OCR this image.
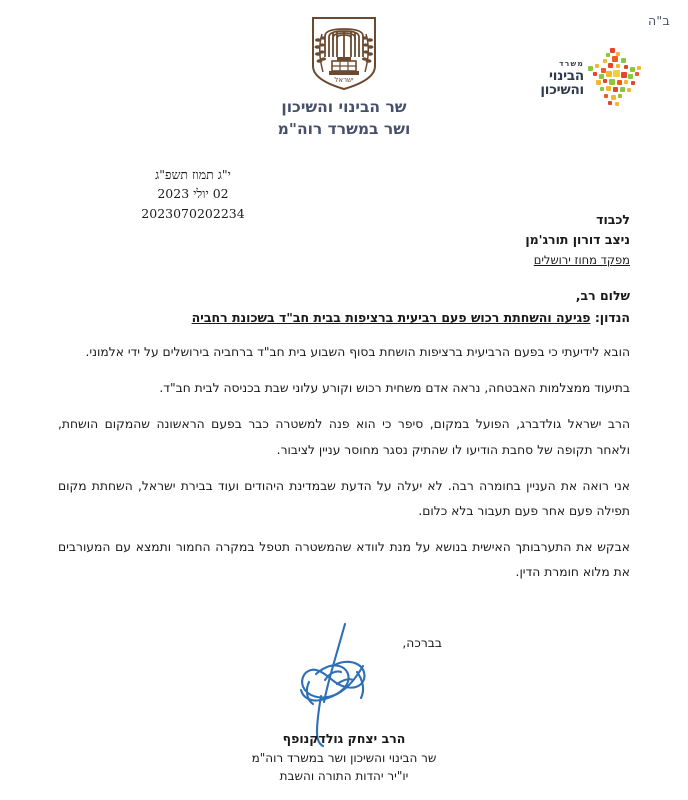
ב"ה
ישראל
משרד
הבינוי
והשיכון
שר הבינוי והשיכון
ושר במשרד רוה"מ
י"ג תמוז תשפ"ג
02 יולי 2023
2023070202234	לכבוד
ניצב דורון תורג'מן
מפקד מחוז ירושלים
שלום רב,
הנדון: פגיעה והשחתת רכוש פעם רביעית ברציפות בבית חב"ד בשכונת רחביה

הובא לידיעתי כי בפעם הרביעית ברציפות הושחת בסוף השבוע בית חב"ד ברחביה בירושלים על ידי אלמוני.

בתיעוד ממצלמות האבטחה, נראה אדם משחית רכוש וקורע עלוני שבת בכניסה לבית חב"ד.

הרב ישראל גולדברג, הפועל במקום, סיפר כי הוא פנה למשטרה כבר בפעם הראשונה שהמקום הושחת, ולאחר תקופה של סחבת הודיעו לו שהתיק נסגר מחוסר עניין לציבור.

אני רואה את העניין בחומרה רבה. לא יעלה על הדעת שבמדינת היהודים ועוד בבירת ישראל, השחתת מקום תפילה פעם אחר פעם תעבור בלא כלום.

אבקש את התערבותך האישית בנושא על מנת לוודא שהמשטרה תטפל במקרה החמור ותמצא עם המעורבים את מלוא חומרת הדין.

בברכה,
הרב יצחק גולדקנופף
שר הבינוי והשיכון ושר במשרד רוה"מ
יו"יר יהדות התורה והשבת
